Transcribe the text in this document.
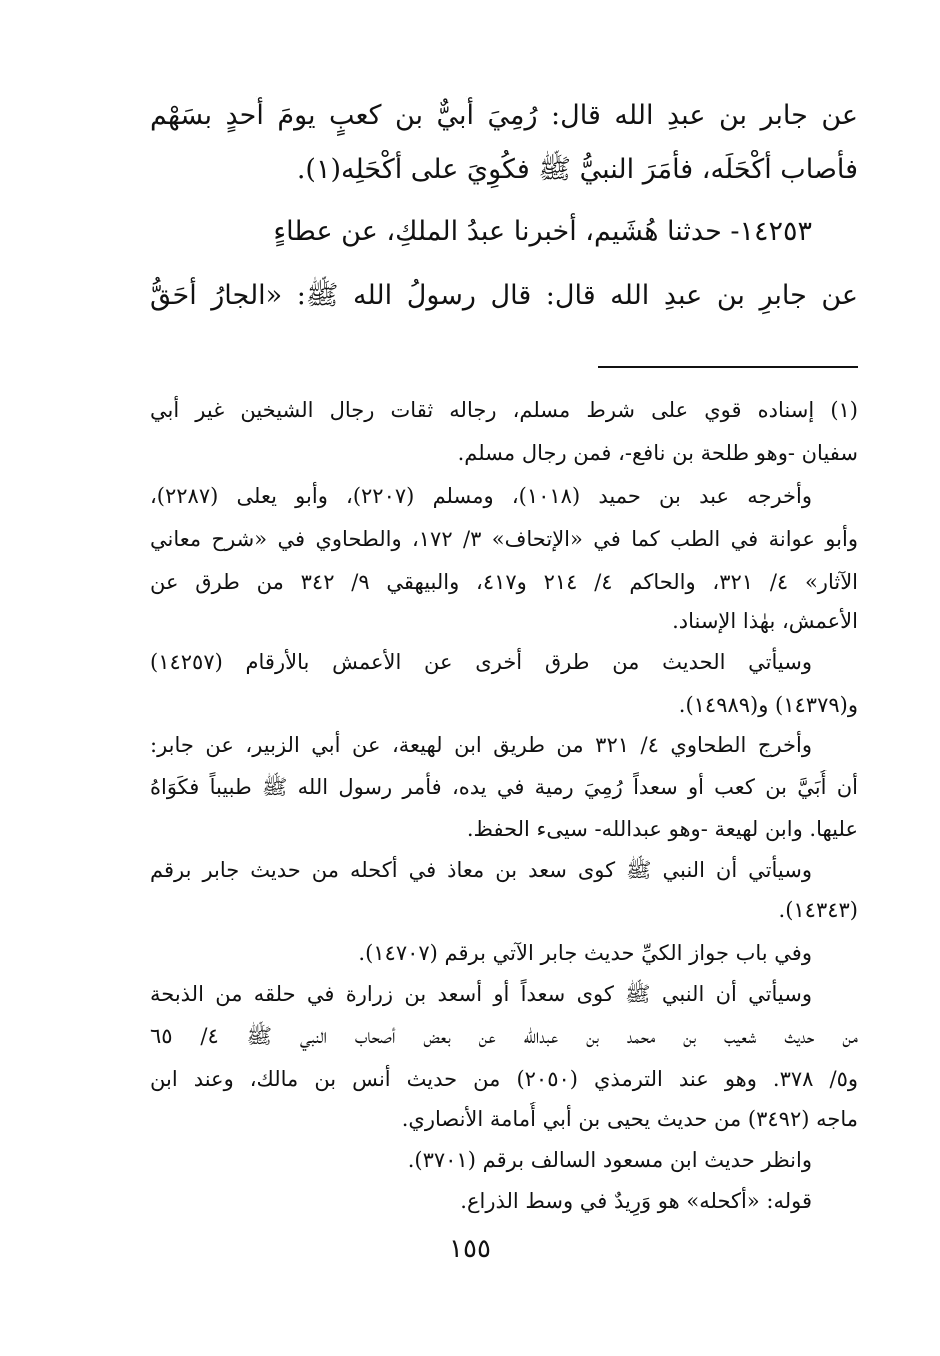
عن جابر بن عبدِ الله قال: رُمِيَ أُبيٌّ بن كعبٍ يومَ أُحدٍ بسَهْم
فأصاب أَكْحَلَه، فأَمَرَ النبيُّ ﷺ فكُوِيَ على أَكْحَلِه(١).
١٤٢٥٣- حدثنا هُشَيم، أخبرنا عبدُ الملكِ، عن عطاءٍ
عن جابرِ بن عبدِ الله قال: قال رسولُ الله ﷺ: «الجارُ أَحَقُّ
(١) إسناده قوي على شرط مسلم، رجاله ثقات رجال الشيخين غير أبي
سفيان -وهو طلحة بن نافع-، فمن رجال مسلم.
وأخرجه عبد بن حميد (١٠١٨)، ومسلم (٢٢٠٧)، وأبو يعلى (٢٢٨٧)،
وأبو عوانة في الطب كما في «الإتحاف» ٣/ ١٧٢، والطحاوي في «شرح معاني
الآثار» ٤/ ٣٢١، والحاكم ٤/ ٢١٤ و٤١٧، والبيهقي ٩/ ٣٤٢ من طرق عن
الأعمش، بهٰذا الإسناد.
وسيأتي الحديث من طرق أخرى عن الأعمش بالأرقام (١٤٢٥٧)
و(١٤٣٧٩) و(١٤٩٨٩).
وأخرج الطحاوي ٤/ ٣٢١ من طريق ابن لهيعة، عن أبي الزبير، عن جابر:
أن أُبَيَّ بن كعب أو سعداً رُمِيَ رمية في يده، فأمر رسول الله ﷺ طبيباً فكَوَاهُ
عليها. وابن لهيعة -وهو عبدالله- سيىء الحفظ.
وسيأتي أن النبي ﷺ كوى سعد بن معاذ في أكحله من حديث جابر برقم
(١٤٣٤٣).
وفي باب جواز الكيِّ حديث جابر الآتي برقم (١٤٧٠٧).
وسيأتي أن النبي ﷺ كوى سعداً أو أسعد بن زرارة في حلقه من الذبحة
من حديث شعيب بن محمد بن عبدالله عن بعض أصحاب النبي ﷺ ٤/ ٦٥
و٥/ ٣٧٨. وهو عند الترمذي (٢٠٥٠) من حديث أنس بن مالك، وعند ابن
ماجه (٣٤٩٢) من حديث يحيى بن أبي أُمامة الأنصاري.
وانظر حديث ابن مسعود السالف برقم (٣٧٠١).
قوله: «أكحله» هو وَرِيدٌ في وسط الذراع.
١٥٥
